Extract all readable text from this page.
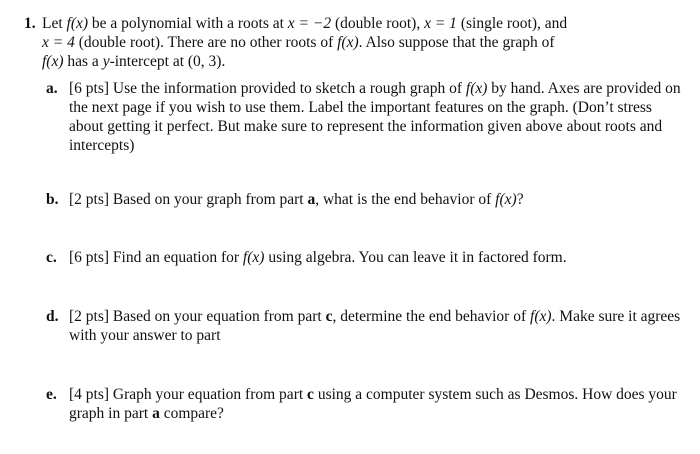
1. Let f(x) be a polynomial with a roots at x = −2 (double root), x = 1 (single root), and
x = 4 (double root). There are no other roots of f(x). Also suppose that the graph of
f(x) has a y-intercept at (0, 3).
a. [6 pts] Use the information provided to sketch a rough graph of f(x) by hand. Axes are provided on the next page if you wish to use them. Label the important features on the graph. (Don’t stress about getting it perfect. But make sure to represent the information given above about roots and intercepts)
b. [2 pts] Based on your graph from part a, what is the end behavior of f(x)?
c. [6 pts] Find an equation for f(x) using algebra. You can leave it in factored form.
d. [2 pts] Based on your equation from part c, determine the end behavior of f(x). Make sure it agrees with your answer to part
e. [4 pts] Graph your equation from part c using a computer system such as Desmos. How does your graph in part a compare?
